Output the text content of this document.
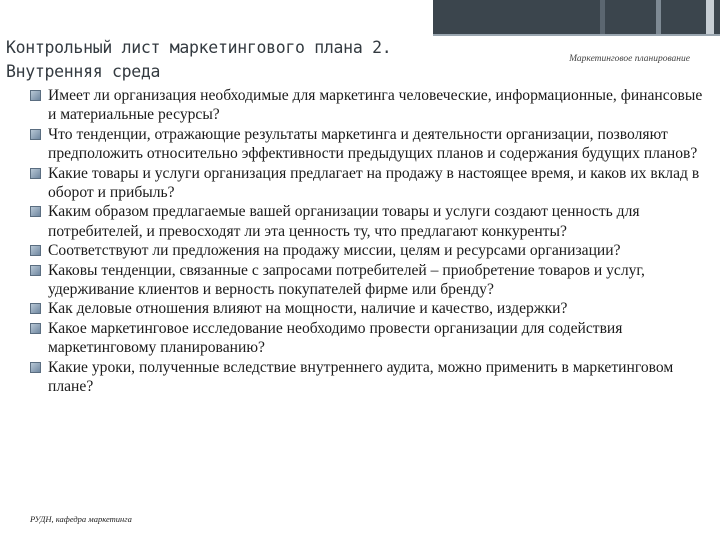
Контрольный лист маркетингового плана 2.
Внутренняя среда
Маркетинговое планирование
Имеет ли организация необходимые для маркетинга человеческие, информационные, финансовые и материальные ресурсы?
Что тенденции, отражающие результаты маркетинга и деятельности организации, позволяют предположить относительно эффективности предыдущих планов и содержания будущих планов?
Какие товары и услуги организация предлагает на продажу в настоящее время, и каков их вклад в оборот и прибыль?
Каким образом предлагаемые вашей организации товары и услуги создают ценность для потребителей, и превосходят ли эта ценность ту, что предлагают конкуренты?
Соответствуют ли предложения на продажу миссии, целям и ресурсами организации?
Каковы тенденции, связанные с запросами потребителей – приобретение товаров и услуг, удерживание клиентов и верность покупателей фирме или бренду?
Как деловые отношения влияют на мощности, наличие и качество, издержки?
Какое маркетинговое исследование необходимо провести организации для содействия маркетинговому планированию?
Какие уроки, полученные вследствие внутреннего аудита, можно применить в маркетинговом плане?
РУДН, кафедра маркетинга
